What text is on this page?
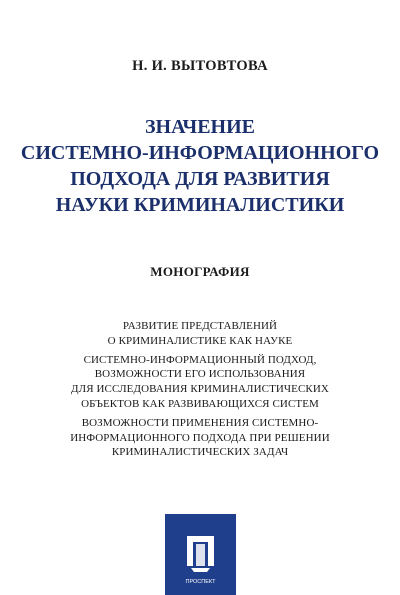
Н. И. ВЫТОВТОВА
ЗНАЧЕНИЕ
СИСТЕМНО-ИНФОРМАЦИОННОГО
ПОДХОДА ДЛЯ РАЗВИТИЯ
НАУКИ КРИМИНАЛИСТИКИ
МОНОГРАФИЯ
РАЗВИТИЕ ПРЕДСТАВЛЕНИЙ
О КРИМИНАЛИСТИКЕ КАК НАУКЕ
СИСТЕМНО-ИНФОРМАЦИОННЫЙ ПОДХОД,
ВОЗМОЖНОСТИ ЕГО ИСПОЛЬЗОВАНИЯ
ДЛЯ ИССЛЕДОВАНИЯ КРИМИНАЛИСТИЧЕСКИХ
ОБЪЕКТОВ КАК РАЗВИВАЮЩИХСЯ СИСТЕМ
ВОЗМОЖНОСТИ ПРИМЕНЕНИЯ СИСТЕМНО-
ИНФОРМАЦИОННОГО ПОДХОДА ПРИ РЕШЕНИИ
КРИМИНАЛИСТИЧЕСКИХ ЗАДАЧ
ПРОСПЕКТ
